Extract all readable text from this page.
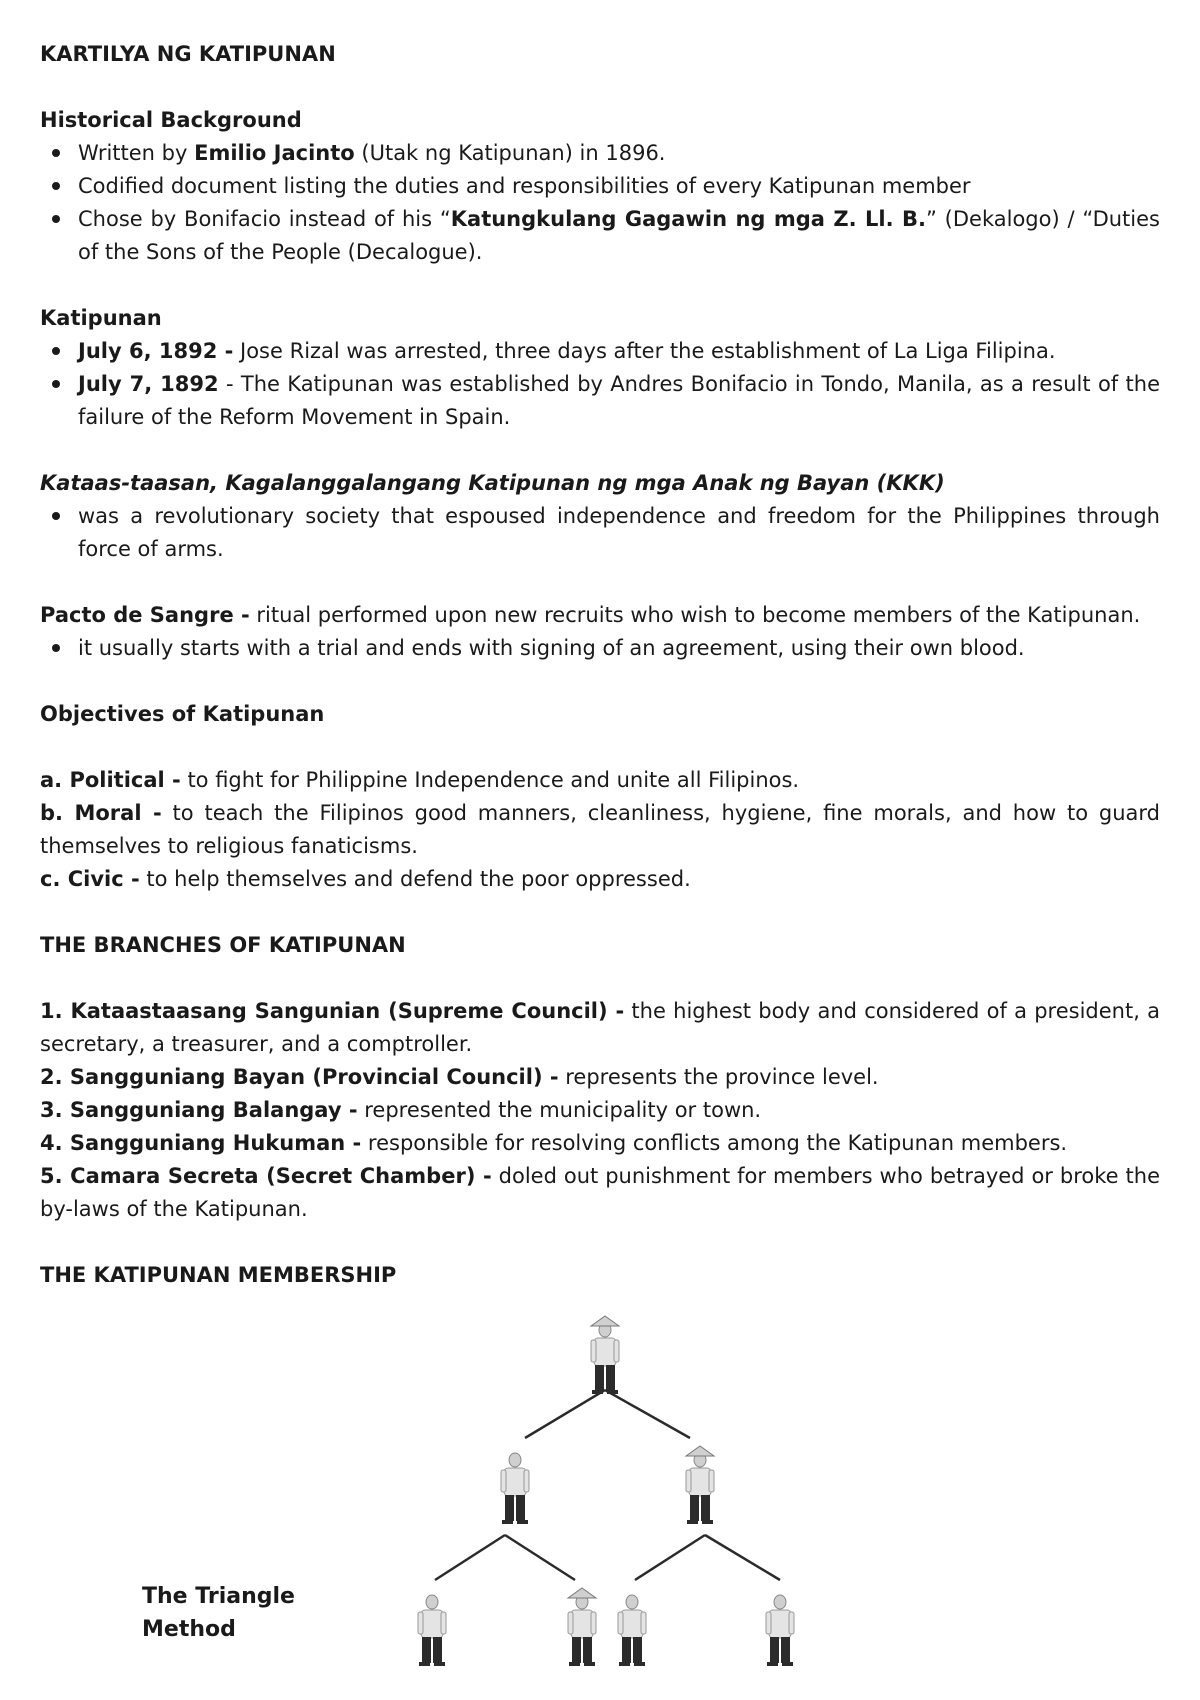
KARTILYA NG KATIPUNAN

Historical Background

Written by Emilio Jacinto (Utak ng Katipunan) in 1896.
Codified document listing the duties and responsibilities of every Katipunan member
Chose by Bonifacio instead of his “Katungkulang Gagawin ng mga Z. Ll. B.” (Dekalogo) / “Duties of the Sons of the People (Decalogue).

Katipunan

July 6, 1892 - Jose Rizal was arrested, three days after the establishment of La Liga Filipina.
July 7, 1892 - The Katipunan was established by Andres Bonifacio in Tondo, Manila, as a result of the failure of the Reform Movement in Spain.

Kataas-taasan, Kagalanggalangang Katipunan ng mga Anak ng Bayan (KKK)

was a revolutionary society that espoused independence and freedom for the Philippines through force of arms.

Pacto de Sangre - ritual performed upon new recruits who wish to become members of the Katipunan.

it usually starts with a trial and ends with signing of an agreement, using their own blood.

Objectives of Katipunan

a. Political - to fight for Philippine Independence and unite all Filipinos.

b. Moral - to teach the Filipinos good manners, cleanliness, hygiene, fine morals, and how to guard themselves to religious fanaticisms.

c. Civic - to help themselves and defend the poor oppressed.

THE BRANCHES OF KATIPUNAN

1. Kataastaasang Sangunian (Supreme Council) - the highest body and considered of a president, a secretary, a treasurer, and a comptroller.

2. Sangguniang Bayan (Provincial Council) - represents the province level.

3. Sangguniang Balangay - represented the municipality or town.

4. Sangguniang Hukuman - responsible for resolving conflicts among the Katipunan members.

5. Camara Secreta (Secret Chamber) - doled out punishment for members who betrayed or broke the by-laws of the Katipunan.

THE KATIPUNAN MEMBERSHIP

The Triangle Method
